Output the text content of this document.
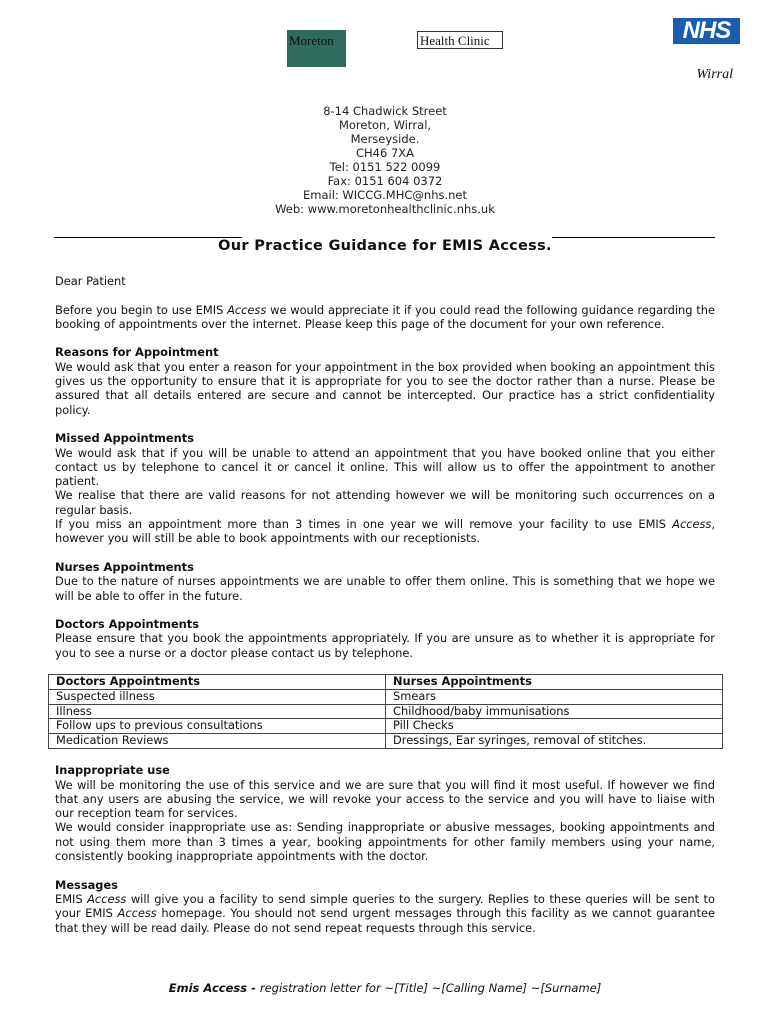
Moreton	Health Clinic	NHS
Wirral
8-14 Chadwick Street
Moreton, Wirral,
Merseyside.
CH46 7XA
Tel: 0151 522 0099
Fax: 0151 604 0372
Email: WICCG.MHC@nhs.net
Web: www.moretonhealthclinic.nhs.uk
Our Practice Guidance for EMIS Access.

Dear Patient

Before you begin to use EMIS Access we would appreciate it if you could read the following guidance regarding the booking of appointments over the internet. Please keep this page of the document for your own reference.

Reasons for Appointment

We would ask that you enter a reason for your appointment in the box provided when booking an appointment this gives us the opportunity to ensure that it is appropriate for you to see the doctor rather than a nurse. Please be assured that all details entered are secure and cannot be intercepted. Our practice has a strict confidentiality policy.

Missed Appointments

We would ask that if you will be unable to attend an appointment that you have booked online that you either contact us by telephone to cancel it or cancel it online. This will allow us to offer the appointment to another patient.

We realise that there are valid reasons for not attending however we will be monitoring such occurrences on a regular basis.

If you miss an appointment more than 3 times in one year we will remove your facility to use EMIS Access, however you will still be able to book appointments with our receptionists.

Nurses Appointments

Due to the nature of nurses appointments we are unable to offer them online. This is something that we hope we will be able to offer in the future.

Doctors Appointments

Please ensure that you book the appointments appropriately. If you are unsure as to whether it is appropriate for you to see a nurse or a doctor please contact us by telephone.

Doctors Appointments	Nurses Appointments
Suspected illness	Smears
Illness	Childhood/baby immunisations
Follow ups to previous consultations	Pill Checks
Medication Reviews	Dressings, Ear syringes, removal of stitches.

Inappropriate use

We will be monitoring the use of this service and we are sure that you will find it most useful. If however we find that any users are abusing the service, we will revoke your access to the service and you will have to liaise with our reception team for services.

We would consider inappropriate use as: Sending inappropriate or abusive messages, booking appointments and not using them more than 3 times a year, booking appointments for other family members using your name, consistently booking inappropriate appointments with the doctor.

Messages

EMIS Access will give you a facility to send simple queries to the surgery. Replies to these queries will be sent to your EMIS Access homepage. You should not send urgent messages through this facility as we cannot guarantee that they will be read daily. Please do not send repeat requests through this service.

Emis Access - registration letter for ~[Title] ~[Calling Name] ~[Surname]
